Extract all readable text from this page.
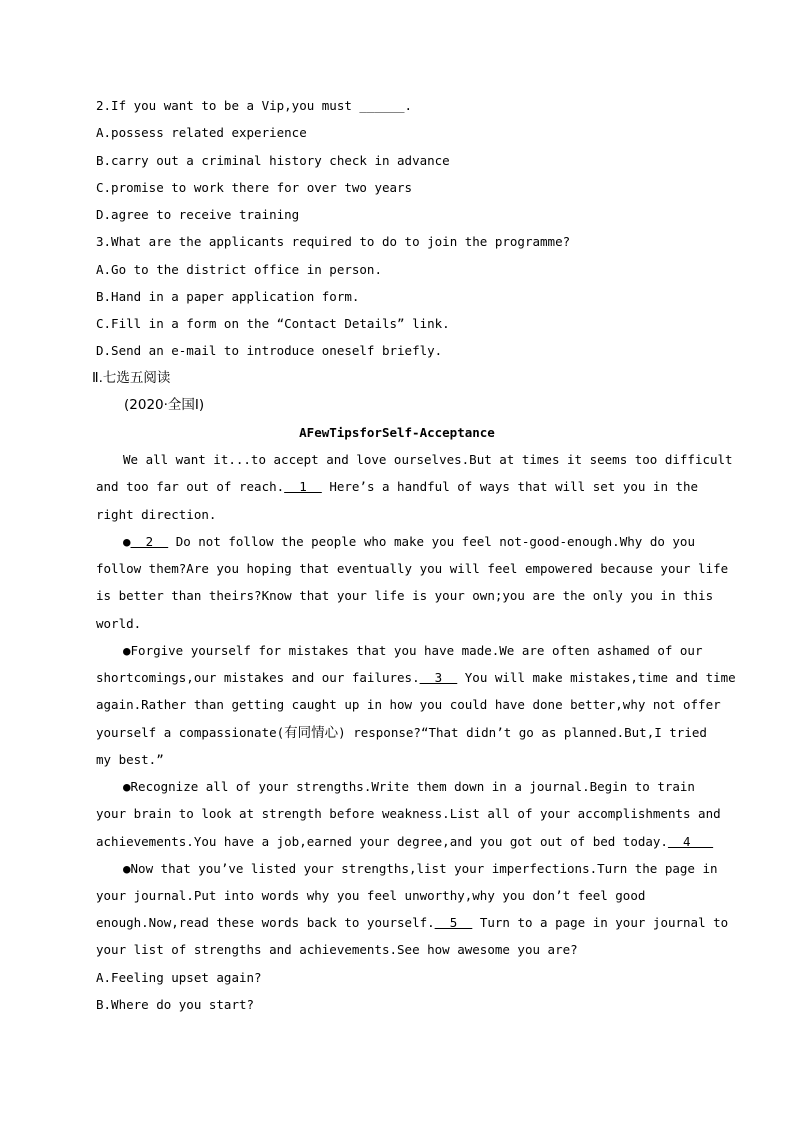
2.If you want to be a Vip,you must ______.
A.possess related experience
B.carry out a criminal history check in advance
C.promise to work there for over two years
D.agree to receive training
3.What are the applicants required to do to join the programme?
A.Go to the district office in person.
B.Hand in a paper application form.
C.Fill in a form on the “Contact Details” link.
D.Send an e-mail to introduce oneself briefly.
Ⅱ.七选五阅读
(2020·全国Ⅰ)
AFewTipsforSelf-Acceptance
We all want it...to accept and love ourselves.But at times it seems too difficult
and too far out of reach.  1   Here’s a handful of ways that will set you in the
right direction.
●  2   Do not follow the people who make you feel not-good-enough.Why do you
follow them?Are you hoping that eventually you will feel empowered because your life
is better than theirs?Know that your life is your own;you are the only you in this
world.
●Forgive yourself for mistakes that you have made.We are often ashamed of our
shortcomings,our mistakes and our failures.  3   You will make mistakes,time and time
again.Rather than getting caught up in how you could have done better,why not offer
yourself a compassionate(有同情心) response?“That didn’t go as planned.But,I tried
my best.”
●Recognize all of your strengths.Write them down in a journal.Begin to train
your brain to look at strength before weakness.List all of your accomplishments and
achievements.You have a job,earned your degree,and you got out of bed today.  4
●Now that you’ve listed your strengths,list your imperfections.Turn the page in
your journal.Put into words why you feel unworthy,why you don’t feel good
enough.Now,read these words back to yourself.  5   Turn to a page in your journal to
your list of strengths and achievements.See how awesome you are?
A.Feeling upset again?
B.Where do you start?
